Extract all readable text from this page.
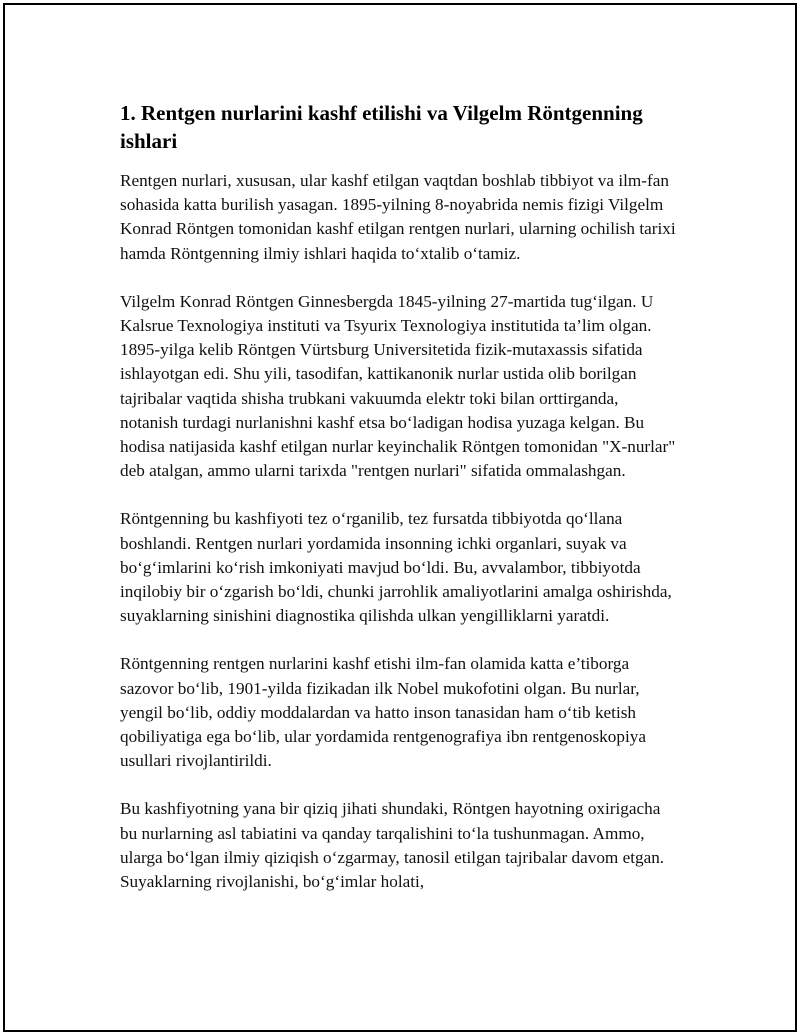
1. Rentgen nurlarini kashf etilishi va Vilgelm Röntgenning ishlari

Rentgen nurlari, xususan, ular kashf etilgan vaqtdan boshlab tibbiyot va ilm-fan sohasida katta burilish yasagan. 1895-yilning 8-noyabrida nemis fizigi Vilgelm Konrad Röntgen tomonidan kashf etilgan rentgen nurlari, ularning ochilish tarixi hamda Röntgenning ilmiy ishlari haqida to‘xtalib o‘tamiz.

Vilgelm Konrad Röntgen Ginnesbergda 1845-yilning 27-martida tug‘ilgan. U Kalsrue Texnologiya instituti va Tsyurix Texnologiya institutida ta’lim olgan. 1895-yilga kelib Röntgen Vürtsburg Universitetida fizik-mutaxassis sifatida ishlayotgan edi. Shu yili, tasodifan, kattikanonik nurlar ustida olib borilgan tajribalar vaqtida shisha trubkani vakuumda elektr toki bilan orttirganda, notanish turdagi nurlanishni kashf etsa bo‘ladigan hodisa yuzaga kelgan. Bu hodisa natijasida kashf etilgan nurlar keyinchalik Röntgen tomonidan "X-nurlar" deb atalgan, ammo ularni tarixda "rentgen nurlari" sifatida ommalashgan.

Röntgenning bu kashfiyoti tez o‘rganilib, tez fursatda tibbiyotda qo‘llana boshlandi. Rentgen nurlari yordamida insonning ichki organlari, suyak va bo‘g‘imlarini ko‘rish imkoniyati mavjud bo‘ldi. Bu, avvalambor, tibbiyotda inqilobiy bir o‘zgarish bo‘ldi, chunki jarrohlik amaliyotlarini amalga oshirishda, suyaklarning sinishini diagnostika qilishda ulkan yengilliklarni yaratdi.

Röntgenning rentgen nurlarini kashf etishi ilm-fan olamida katta e’tiborga sazovor bo‘lib, 1901-yilda fizikadan ilk Nobel mukofotini olgan. Bu nurlar, yengil bo‘lib, oddiy moddalardan va hatto inson tanasidan ham o‘tib ketish qobiliyatiga ega bo‘lib, ular yordamida rentgenografiya ibn rentgenoskopiya usullari rivojlantirildi.

Bu kashfiyotning yana bir qiziq jihati shundaki, Röntgen hayotning oxirigacha bu nurlarning asl tabiatini va qanday tarqalishini to‘la tushunmagan. Ammo, ularga bo‘lgan ilmiy qiziqish o‘zgarmay, tanosil etilgan tajribalar davom etgan. Suyaklarning rivojlanishi, bo‘g‘imlar holati,
